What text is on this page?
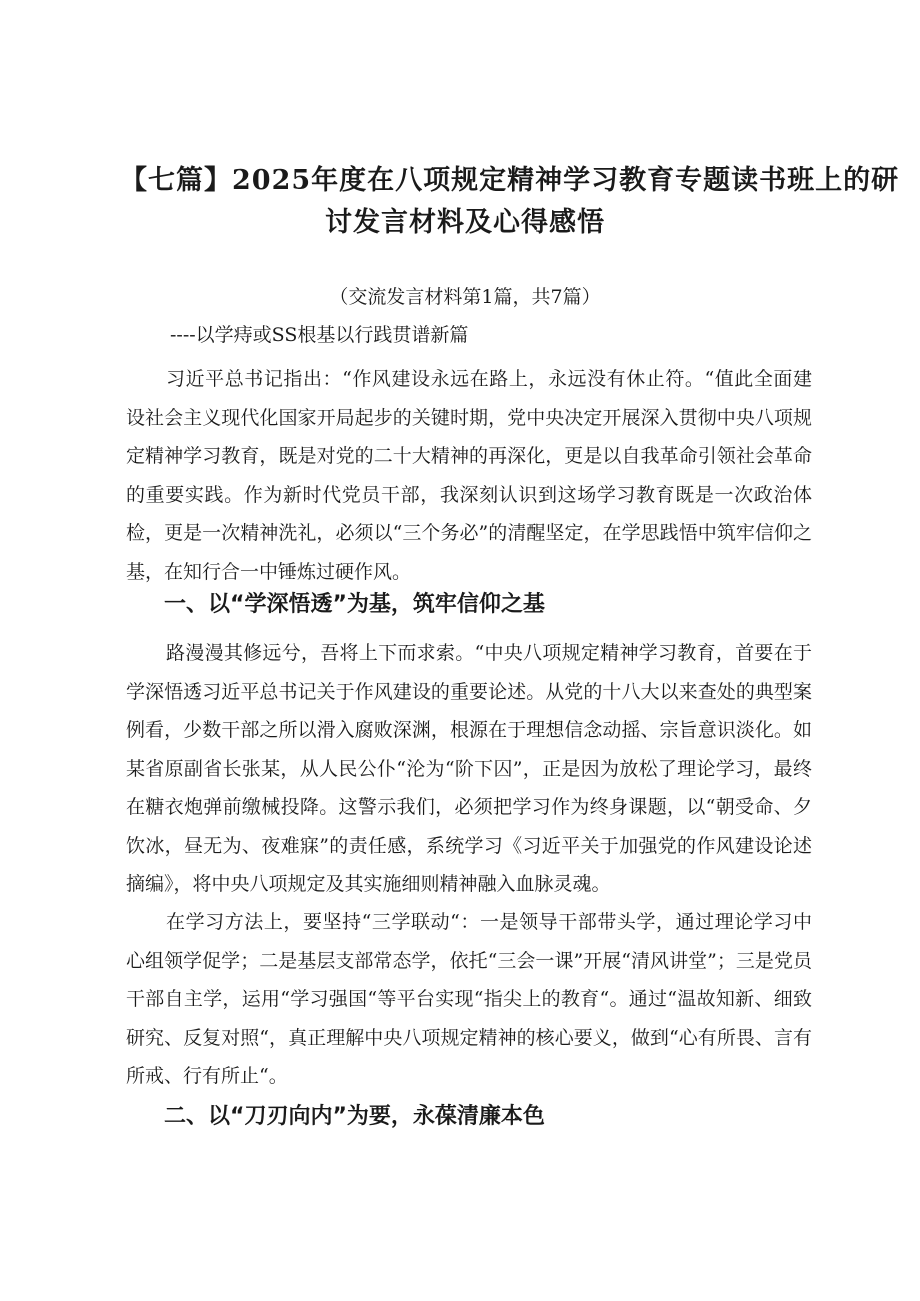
【七篇】2025年度在八项规定精神学习教育专题读书班上的研
讨发言材料及心得感悟

（交流发言材料第1篇，共7篇）

----以学痔或SS根基以行践贯谱新篇

习近平总书记指出：“作风建设永远在路上，永远没有休止符。“值此全面建设社会主义现代化国家开局起步的关键时期，党中央决定开展深入贯彻中央八项规定精神学习教育，既是对党的二十大精神的再深化，更是以自我革命引领社会革命的重要实践。作为新时代党员干部，我深刻认识到这场学习教育既是一次政治体检，更是一次精神洗礼，必须以“三个务必”的清醒坚定，在学思践悟中筑牢信仰之基，在知行合一中锤炼过硬作风。

一、以“学深悟透”为基，筑牢信仰之基

路漫漫其修远兮，吾将上下而求索。“中央八项规定精神学习教育，首要在于学深悟透习近平总书记关于作风建设的重要论述。从党的十八大以来查处的典型案例看，少数干部之所以滑入腐败深渊，根源在于理想信念动摇、宗旨意识淡化。如某省原副省长张某，从人民公仆“沦为“阶下囚”，正是因为放松了理论学习，最终在糖衣炮弹前缴械投降。这警示我们，必须把学习作为终身课题，以“朝受命、夕饮冰，昼无为、夜难寐”的责任感，系统学习《习近平关于加强党的作风建设论述摘编》，将中央八项规定及其实施细则精神融入血脉灵魂。

在学习方法上，要坚持“三学联动“：一是领导干部带头学，通过理论学习中心组领学促学；二是基层支部常态学，依托“三会一课”开展“清风讲堂”；三是党员干部自主学，运用“学习强国“等平台实现“指尖上的教育“。通过“温故知新、细致研究、反复对照“，真正理解中央八项规定精神的核心要义，做到“心有所畏、言有所戒、行有所止“。

二、以“刀刃向内”为要，永葆清廉本色
